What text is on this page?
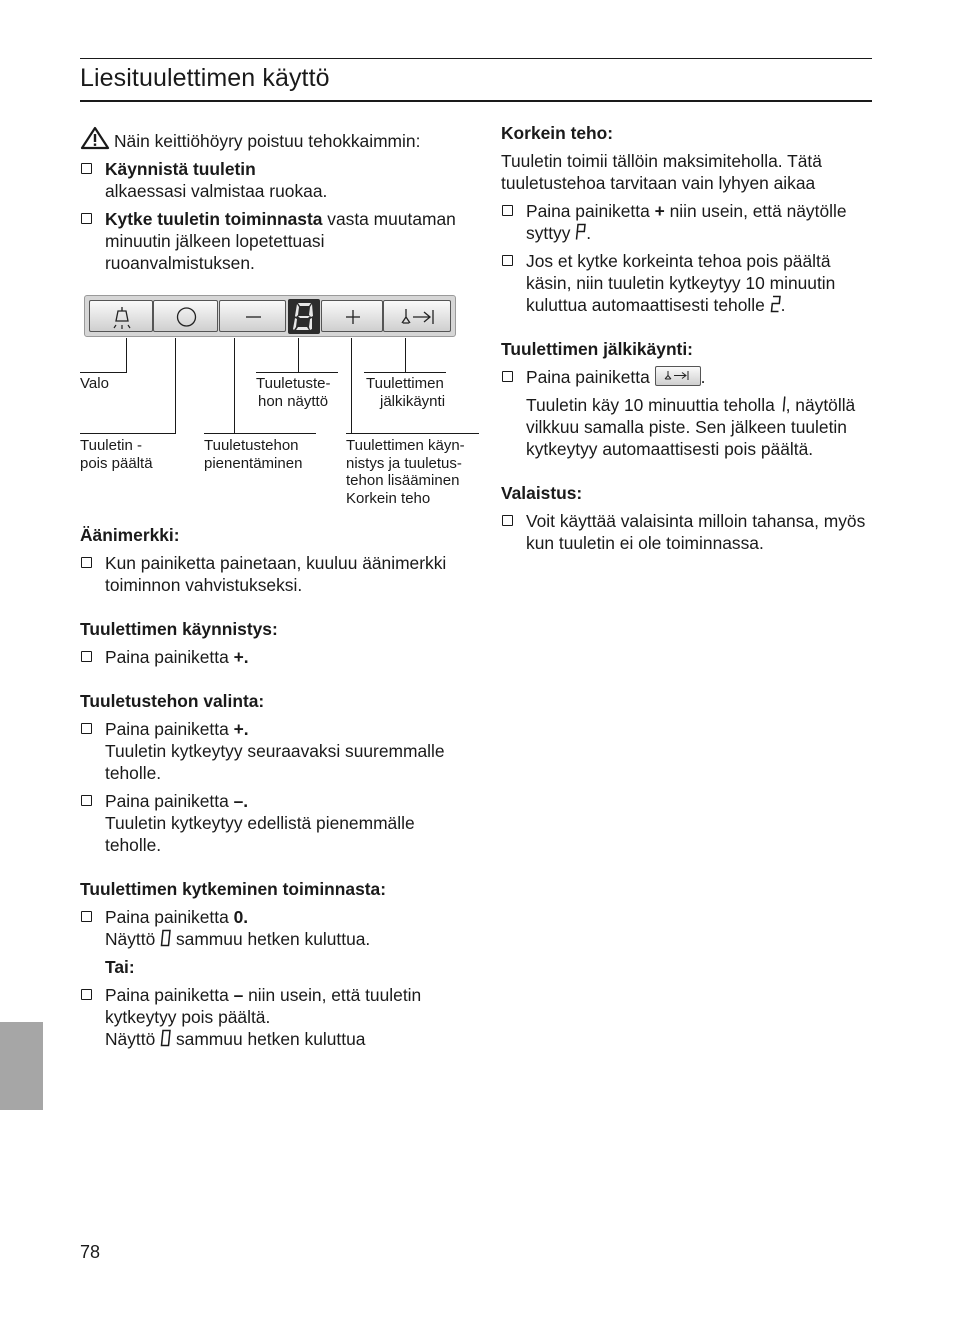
Liesituulettimen käyttö

Näin keittiöhöyry poistuu tehokkaimmin:

Käynnistä tuuletin
alkaessasi valmistaa ruokaa.
Kytke tuuletin toiminnasta vasta muutaman minuutin jälkeen lopetettuasi ruoanvalmistuksen.
Valo	Tuuletuste-
hon näyttö
Tuulettimen
jälkikäynti
Tuuletin -
pois päältä
Tuuletustehon
pienentäminen
Tuulettimen käyn-
nistys ja tuuletus-
tehon lisääminen
Korkein teho

Äänimerkki:

Kun painiketta painetaan, kuuluu äänimerkki toiminnon vahvistukseksi.

Tuulettimen käynnistys:

Paina painiketta +.

Tuuletustehon valinta:

Paina painiketta +.
Tuuletin kytkeytyy seuraavaksi suuremmalle teholle.
Paina painiketta –.
Tuuletin kytkeytyy edellistä pienemmälle teholle.

Tuulettimen kytkeminen toiminnasta:

Paina painiketta 0.
Näyttö sammuu hetken kuluttua.

Tai:

Paina painiketta – niin usein, että tuuletin kytkeytyy pois päältä.
Näyttö sammuu hetken kuluttua

Korkein teho:

Tuuletin toimii tällöin maksimiteholla. Tätä tuuletustehoa tarvitaan vain lyhyen aikaa

Paina painiketta + niin usein, että näytölle syttyy .
Jos et kytke korkeinta tehoa pois päältä käsin, niin tuuletin kytkeytyy 10 minuutin kuluttua automaattisesti teholle .

Tuulettimen jälkikäynti:

Paina painiketta	.

Tuuletin käy 10 minuuttia teholla , näytöllä vilkkuu samalla piste. Sen jälkeen tuuletin kytkeytyy automaattisesti pois päältä.

Valaistus:

Voit käyttää valaisinta milloin tahansa, myös kun tuuletin ei ole toiminnassa.
78
